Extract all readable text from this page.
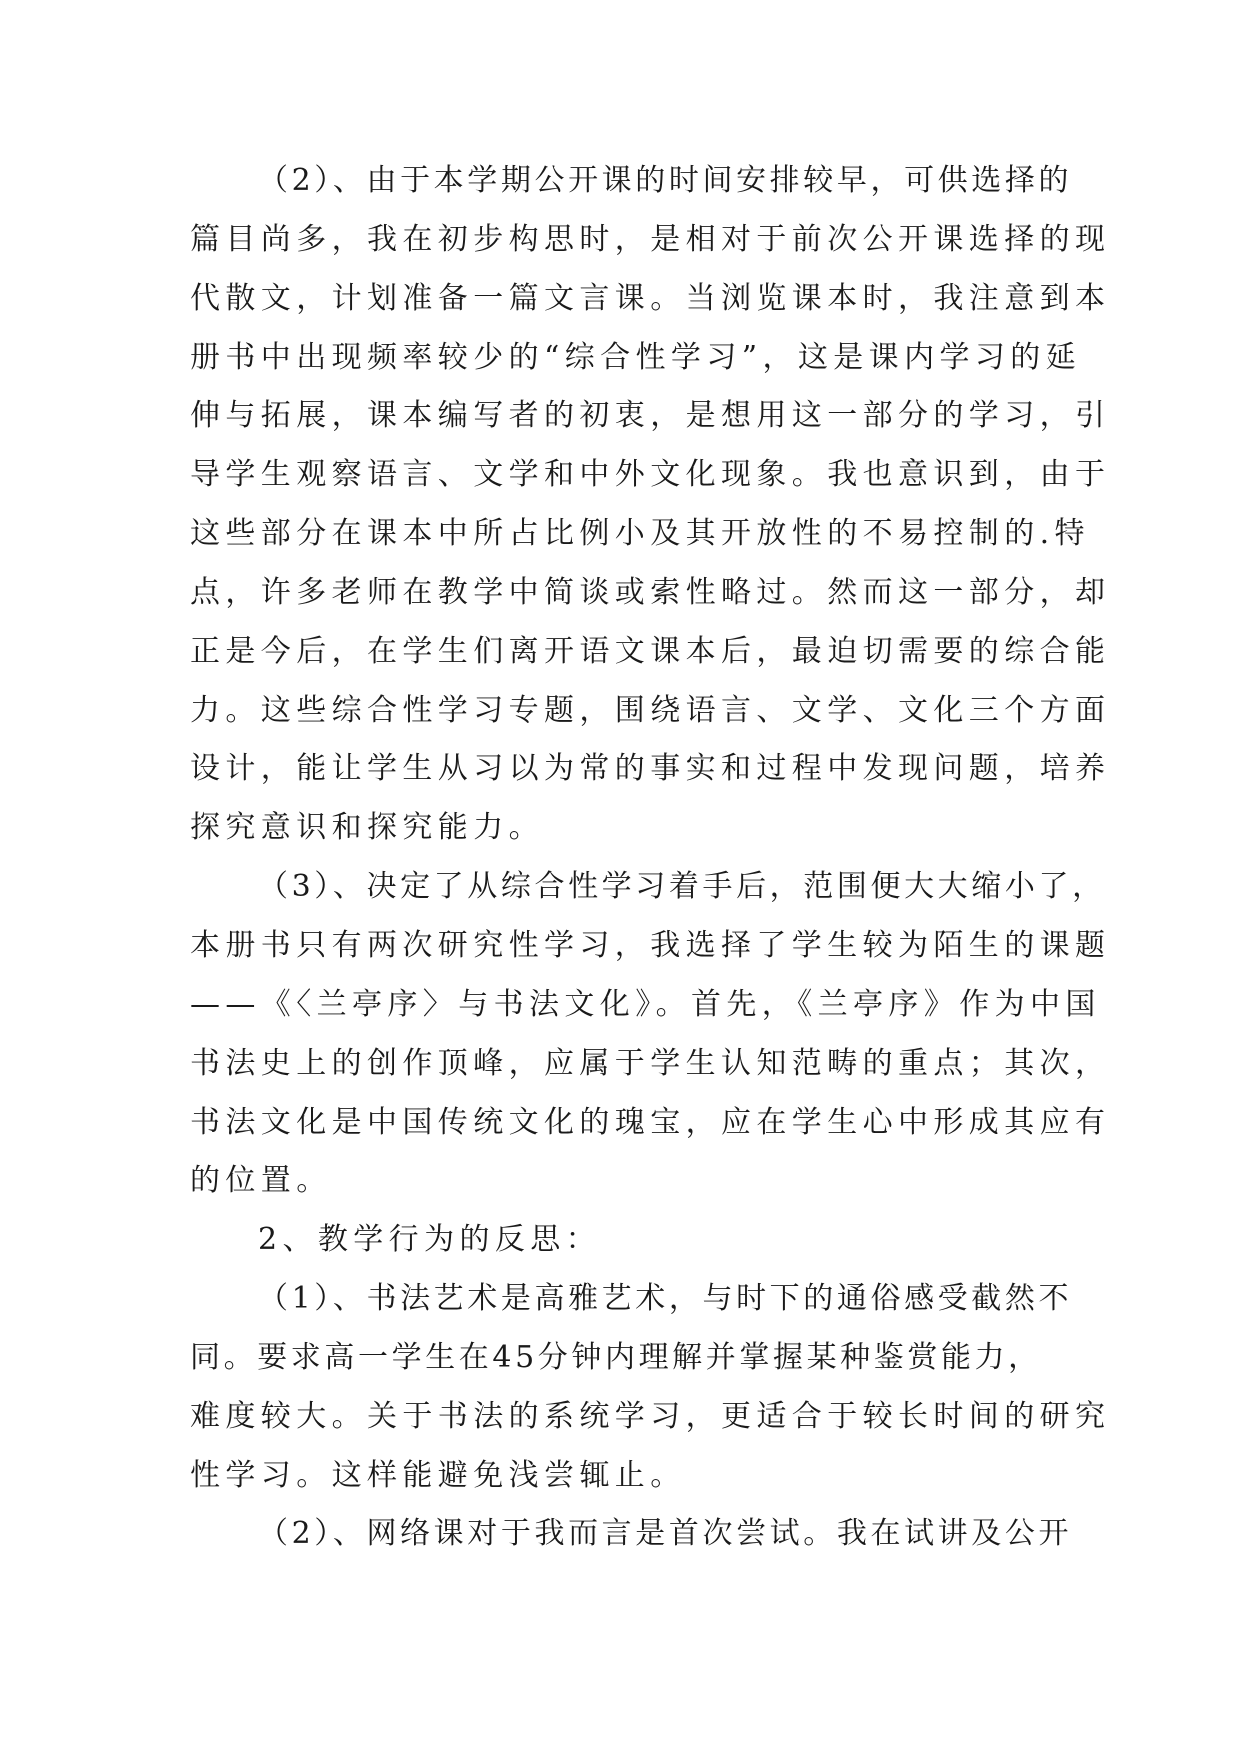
（2）、由于本学期公开课的时间安排较早，可供选择的
篇目尚多，我在初步构思时，是相对于前次公开课选择的现
代散文，计划准备一篇文言课。当浏览课本时，我注意到本
册书中出现频率较少的“综合性学习”，这是课内学习的延
伸与拓展，课本编写者的初衷，是想用这一部分的学习，引
导学生观察语言、文学和中外文化现象。我也意识到，由于
这些部分在课本中所占比例小及其开放性的不易控制的.特
点，许多老师在教学中简谈或索性略过。然而这一部分，却
正是今后，在学生们离开语文课本后，最迫切需要的综合能
力。这些综合性学习专题，围绕语言、文学、文化三个方面
设计，能让学生从习以为常的事实和过程中发现问题，培养
探究意识和探究能力。
（3）、决定了从综合性学习着手后，范围便大大缩小了，
本册书只有两次研究性学习，我选择了学生较为陌生的课题
——《〈兰亭序〉与书法文化》。首先，《兰亭序》作为中国
书法史上的创作顶峰，应属于学生认知范畴的重点；其次，
书法文化是中国传统文化的瑰宝，应在学生心中形成其应有
的位置。
2、教学行为的反思：
（1）、书法艺术是高雅艺术，与时下的通俗感受截然不
同。要求高一学生在45分钟内理解并掌握某种鉴赏能力，
难度较大。关于书法的系统学习，更适合于较长时间的研究
性学习。这样能避免浅尝辄止。
（2）、网络课对于我而言是首次尝试。我在试讲及公开
